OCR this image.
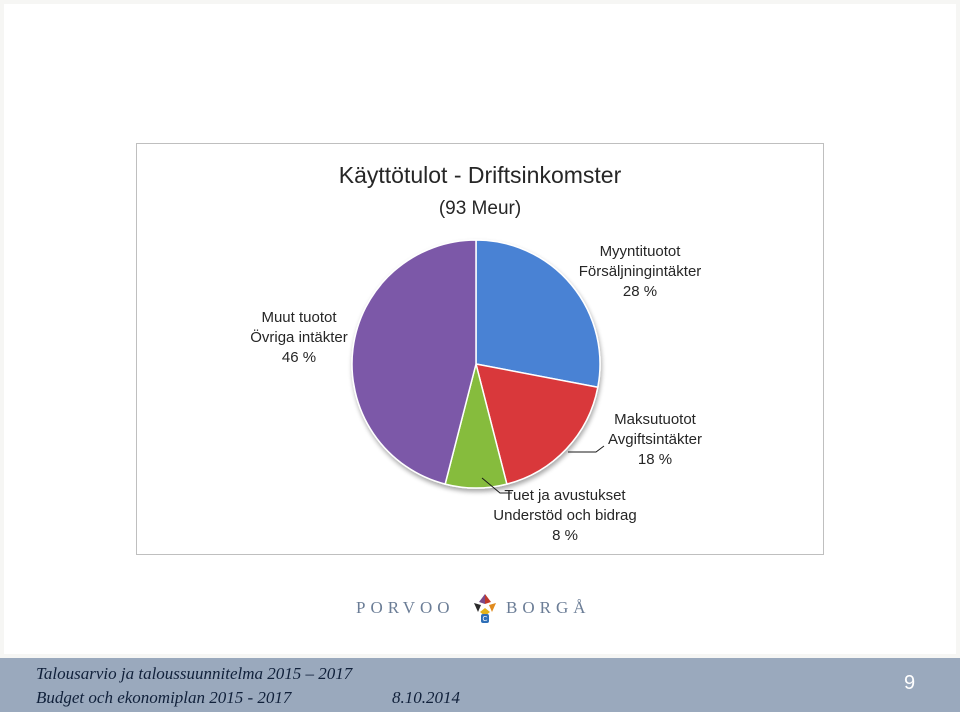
Käyttötulot - Driftsinkomster
(93 Meur)
Myyntituotot
Försäljningintäkter
28 %
Maksutuotot
Avgiftsintäkter
18 %
Tuet ja avustukset
Understöd och bidrag
8 %
Muut tuotot
Övriga intäkter
46 %
PORVOO
C
BORGÅ
Talousarvio ja taloussuunnitelma 2015 – 2017
Budget och ekonomiplan 2015 - 2017	8.10.2014
9
